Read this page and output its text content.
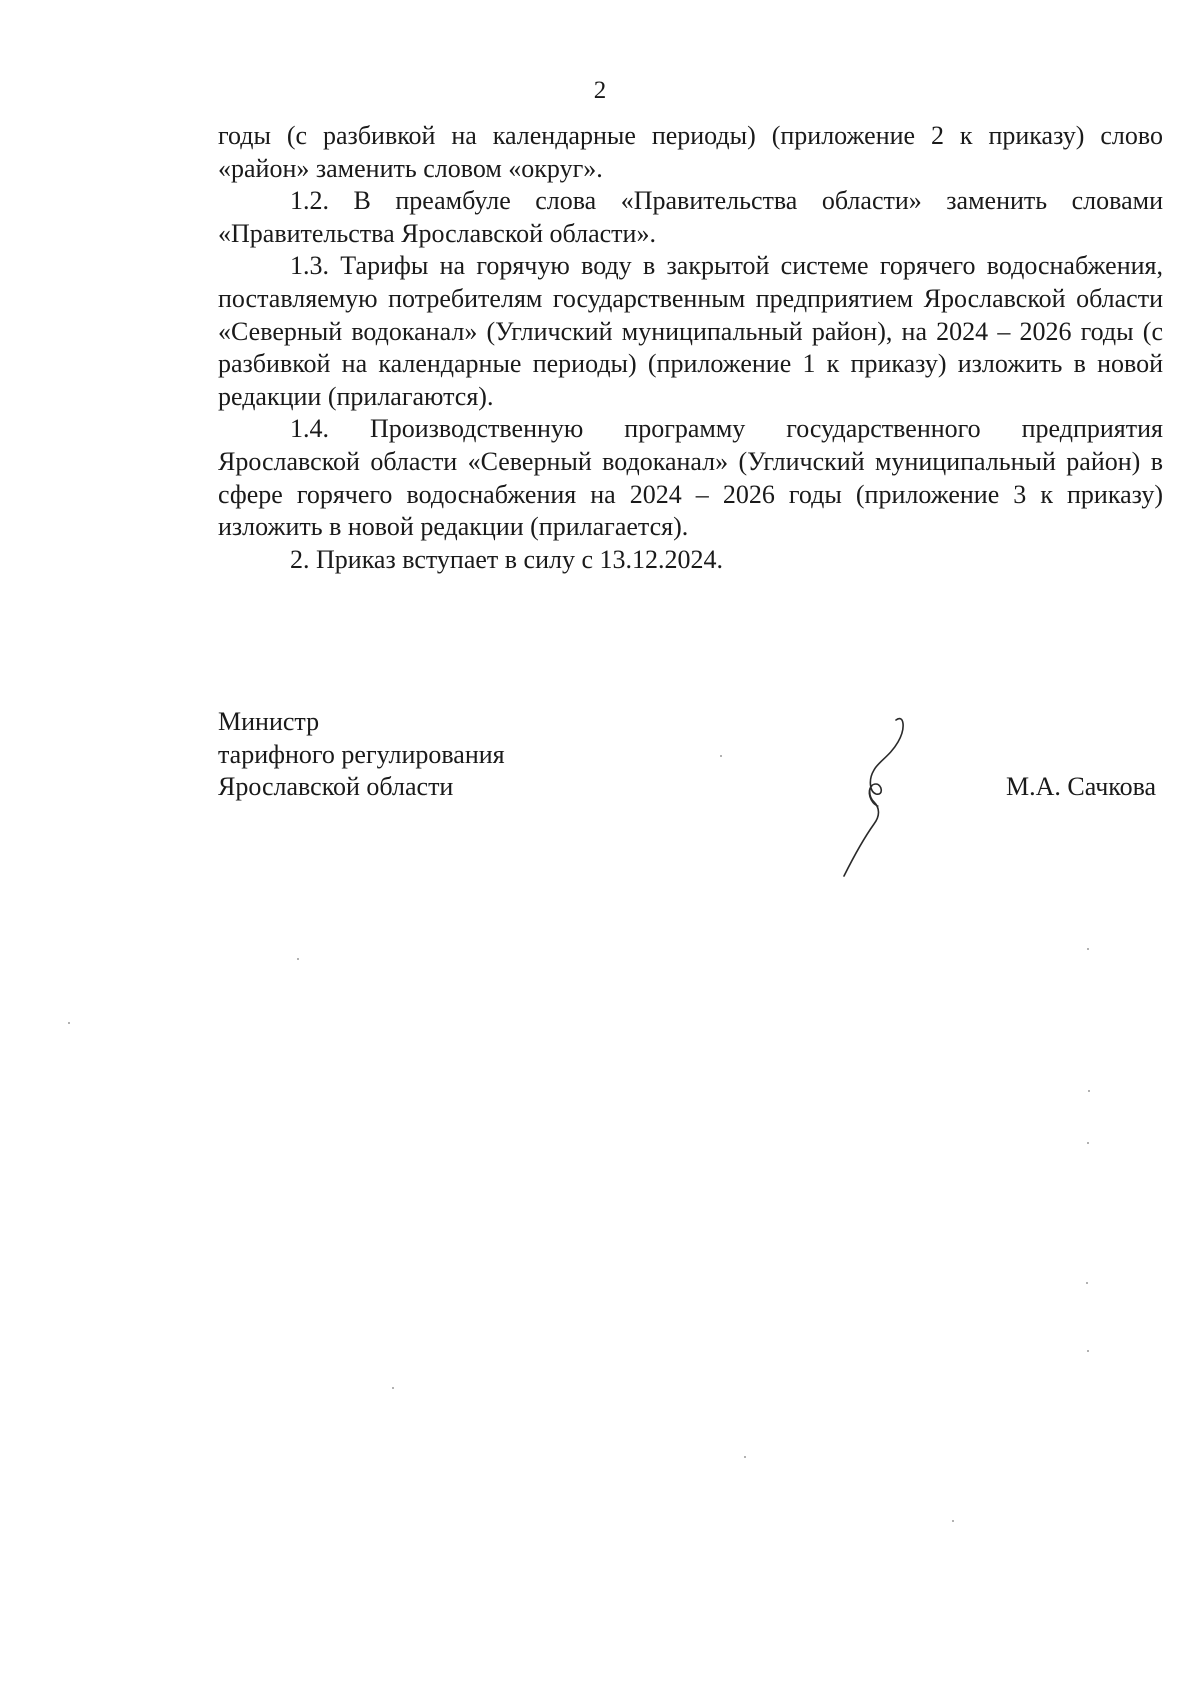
2

годы (с разбивкой на календарные периоды) (приложение 2 к приказу) слово «район» заменить словом «округ».

1.2. В преамбуле слова «Правительства области» заменить словами «Правительства Ярославской области».

1.3. Тарифы на горячую воду в закрытой системе горячего водоснабжения, поставляемую потребителям государственным предприятием Ярославской области «Северный водоканал» (Угличский муниципальный район), на 2024 – 2026 годы (с разбивкой на календарные периоды) (приложение 1 к приказу) изложить в новой редакции (прилагаются).

1.4. Производственную программу государственного предприятия Ярославской области «Северный водоканал» (Угличский муниципальный район) в сфере горячего водоснабжения на 2024 – 2026 годы (приложение 3 к приказу) изложить в новой редакции (прилагается).

2. Приказ вступает в силу с 13.12.2024.

Министр
тарифного регулирования
Ярославской области	М.А. Сачкова
